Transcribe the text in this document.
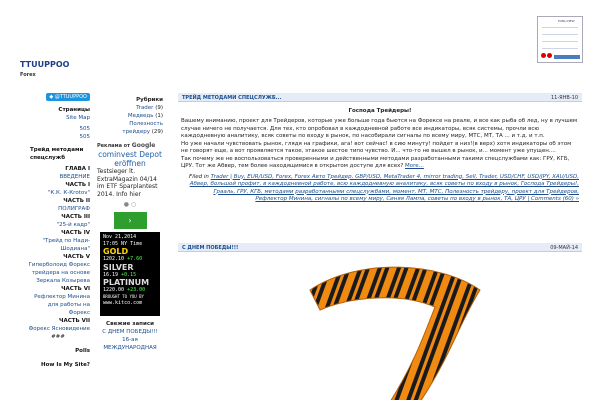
TTUUPPOO
Forex
PUBL/VIEW
◆ @TTUUPPOO
Страницы
Site Map
505
505
Трейд методами спецслужб
ГЛАВА I
ВВЕДЕНИЕ
ЧАСТЬ I
"К.К. К-Кrotov"
ЧАСТЬ II
ПОЛИГРАФ
ЧАСТЬ III
"25-й кадр"
ЧАСТЬ IV
"Трейд по Нади-Шодиана"
ЧАСТЬ V
Гиперболоид Форекс трейдера на основе Зеркала Козырева
ЧАСТЬ VI
Рефлектор Минина для работы на Форекс
ЧАСТЬ VII
Форекс Ясновидение
###
Polls
How Is My Site?
Рубрики
Trader (9)
Медведь (1)
Полезность
трейдеру (29)
Реклама от Google
cominvest Depot eröffnen
Testsieger lt. ExtraMagazin 04/14 im ETF Sparplantest 2014. Info hier
● ○
›
Nov 21,2014
17:05 NY Time
GOLD
1202.10 +7.60
SILVER
16.19 +0.15
PLATINUM
1220.00 +23.00
BROUGHT TO YOU BY
www.kitco.com
Свежие записи
С ДНЕМ ПОБЕДЫ!!!
16-ая
МЕЖДУНАРОДНАЯ
ТРЕЙД МЕТОДАМИ СПЕЦСЛУЖБ...	11-ЯНВ-10
Господа Трейдеры!
Вашему вниманию, проект для Трейдеров, которые уже больше года бьются на Форексе на реале, и все как рыба об лед, ну в лучшем случае ничего не получается. Для тех, кто опробовал в каждодневной работе все индикаторы, всяк системы, прочли всю каждодневную аналитику, всяк советы по входу в рынок, по насобирали сигналы по всему миру, МТС, МТ, ТА ... и т.д. и т.п.
Но уже начали чувствовать рынок, глядя на графики, ага! вот сейчас! в сию минуту! пойдет в низ!(в верх) хотя индикаторы об этом не говорят еще, а вот проявляется такое, этакое шестое типо чувство. И... что-то не вышел в рынок, и... момент уже упущен....
Так почему же не воспользоваться проверенными и действенными методами разработанными такими спецслужбами как: ГРУ, КГБ, ЦРУ. Тот же Абвер, тем более находящимися в открытом доступе для всех? More...
Filed in Trader | Buy, EUR/USD, Forex, Forex Авто Трейдер, GBP/USD, MetaTrader 4, mirror trading, Sell, Trader, USD/CHF, USD/JPY, XAU/USD, Абвер, большой профит, в каждодневной работе, всю каждодневную аналитику, всяк советы по входу в рынок, Господа Трейдеры!, Грааль, ГРУ, КГБ, методами разработанными спецслужбами, момент, МТ, МТС, Полезность трейдеру, проект для Трейдеров, Рефлектор Минина, сигналы по всему миру, Синяя Лампа, советы по входу в рынок, ТА, ЦРУ | Comments (60) »
С ДНЕМ ПОБЕДЫ!!!	09-МАЙ-14
